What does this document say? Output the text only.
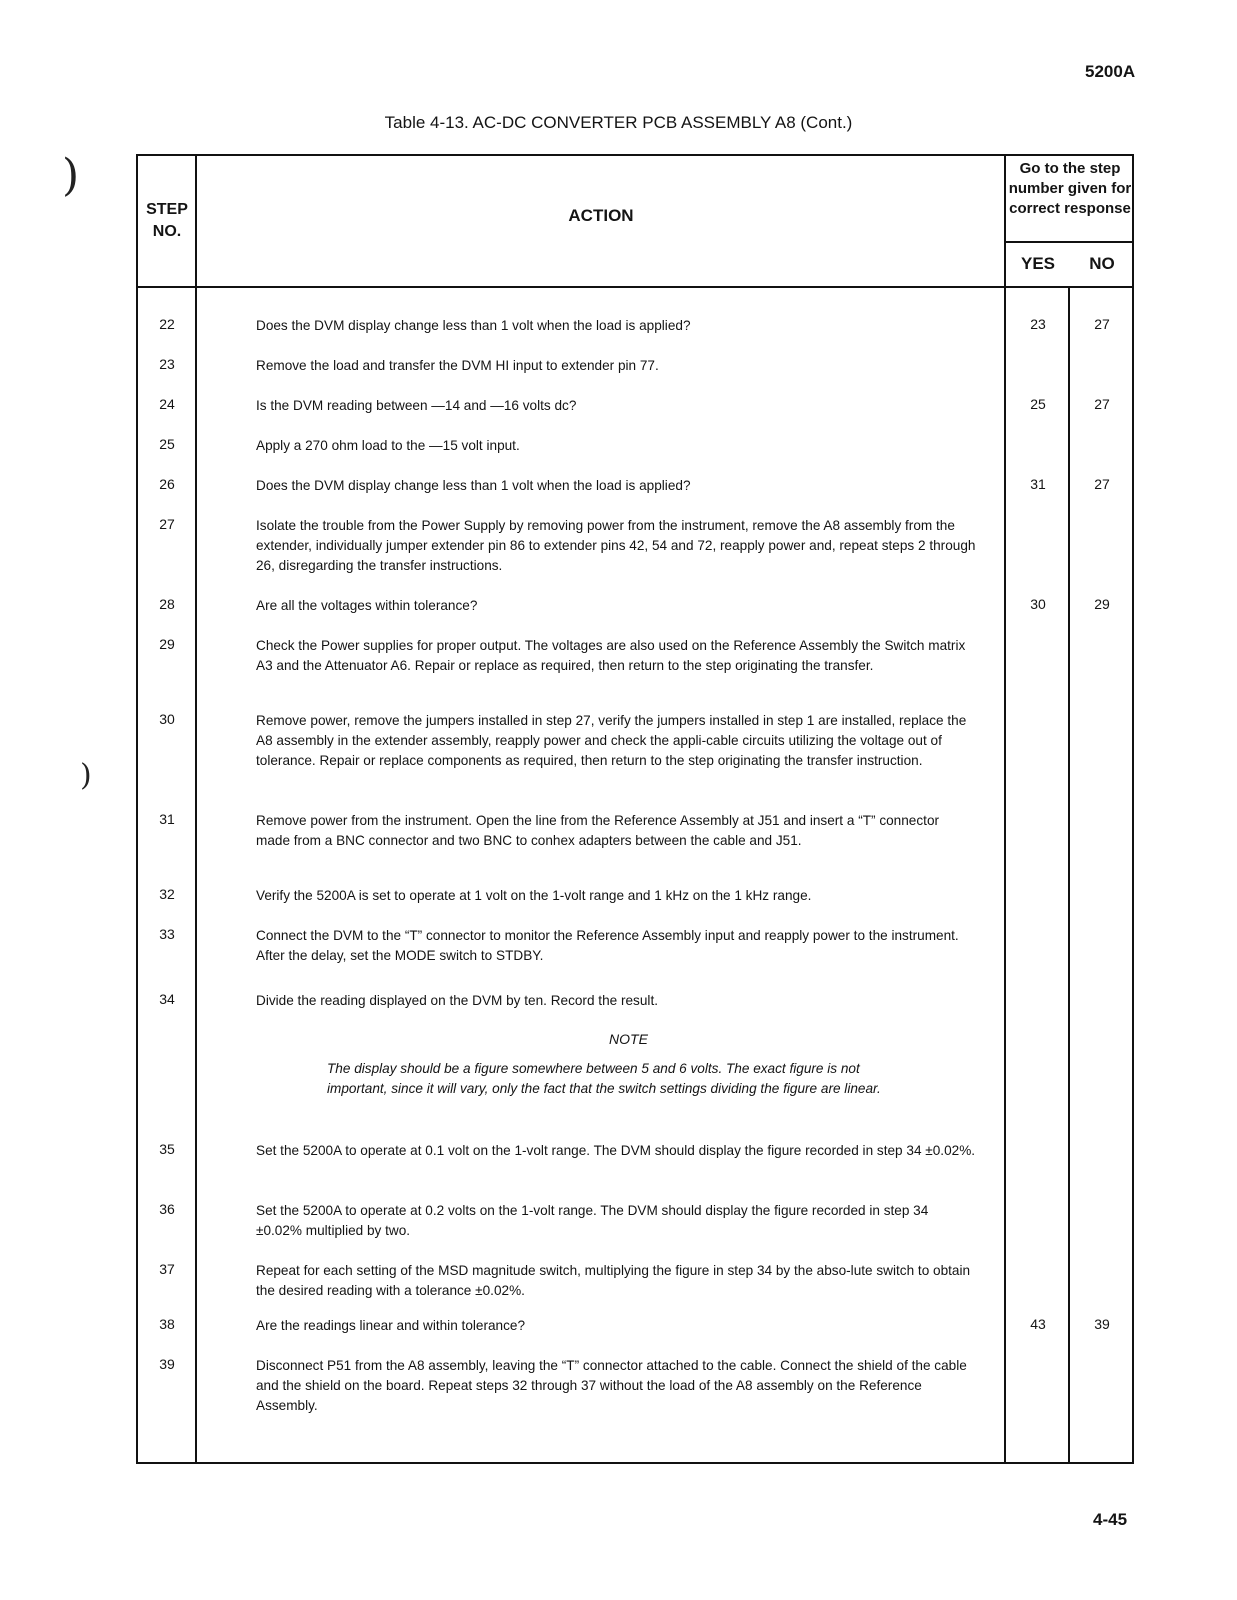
5200A
Table 4-13. AC-DC CONVERTER PCB ASSEMBLY A8 (Cont.)
)
)
STEP NO.
ACTION
Go to the step number given for correct response
YES	NO
22	Does the DVM display change less than 1 volt when the load is applied?	23	27
23	Remove the load and transfer the DVM HI input to extender pin 77.
24	Is the DVM reading between —14 and —16 volts dc?	25	27
25	Apply a 270 ohm load to the —15 volt input.
26	Does the DVM display change less than 1 volt when the load is applied?	31	27
27	Isolate the trouble from the Power Supply by removing power from the instrument, remove the A8 assembly from the extender, individually jumper extender pin 86 to extender pins 42, 54 and 72, reapply power and, repeat steps 2 through 26, disregarding the transfer instructions.
28	Are all the voltages within tolerance?	30	29
29	Check the Power supplies for proper output. The voltages are also used on the Reference Assembly the Switch matrix A3 and the Attenuator A6. Repair or replace as required, then return to the step originating the transfer.
30	Remove power, remove the jumpers installed in step 27, verify the jumpers installed in step 1 are installed, replace the A8 assembly in the extender assembly, reapply power and check the appli-cable circuits utilizing the voltage out of tolerance. Repair or replace components as required, then return to the step originating the transfer instruction.
31	Remove power from the instrument. Open the line from the Reference Assembly at J51 and insert a “T” connector made from a BNC connector and two BNC to conhex adapters between the cable and J51.
32	Verify the 5200A is set to operate at 1 volt on the 1-volt range and 1 kHz on the 1 kHz range.
33	Connect the DVM to the “T” connector to monitor the Reference Assembly input and reapply power to the instrument. After the delay, set the MODE switch to STDBY.
34	Divide the reading displayed on the DVM by ten. Record the result.
35	Set the 5200A to operate at 0.1 volt on the 1-volt range. The DVM should display the figure recorded in step 34 ±0.02%.
36	Set the 5200A to operate at 0.2 volts on the 1-volt range. The DVM should display the figure recorded in step 34 ±0.02% multiplied by two.
37	Repeat for each setting of the MSD magnitude switch, multiplying the figure in step 34 by the abso-lute switch to obtain the desired reading with a tolerance ±0.02%.
38	Are the readings linear and within tolerance?	43	39
39	Disconnect P51 from the A8 assembly, leaving the “T” connector attached to the cable. Connect the shield of the cable and the shield on the board. Repeat steps 32 through 37 without the load of the A8 assembly on the Reference Assembly.
NOTE
The display should be a figure somewhere between 5 and 6 volts. The exact figure is not important, since it will vary, only the fact that the switch settings dividing the figure are linear.
4-45
